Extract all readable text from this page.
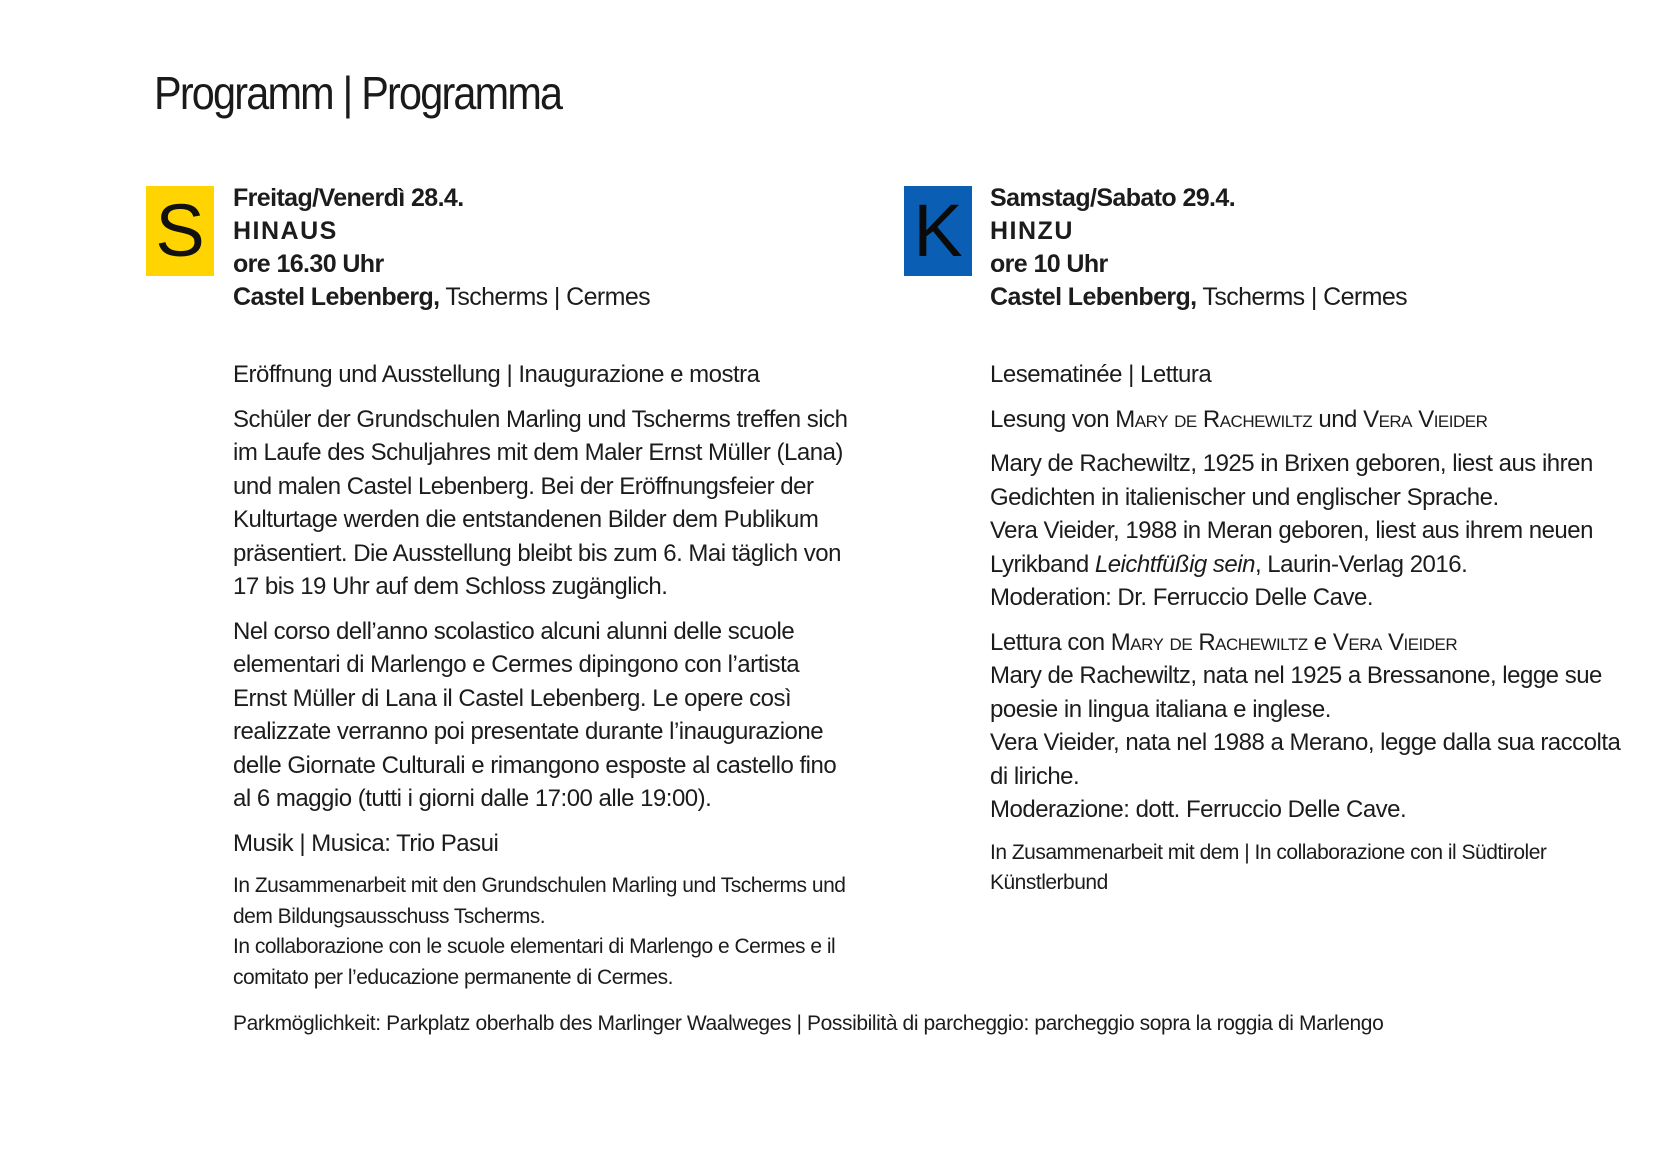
Programm | Programma
S	Freitag/Venerdì 28.4.
HINAUS
ore 16.30 Uhr
Castel Lebenberg, Tscherms | Cermes

Eröffnung und Ausstellung | Inaugurazione e mostra

Schüler der Grundschulen Marling und Tscherms treffen sich im Laufe des Schuljahres mit dem Maler Ernst Müller (Lana) und malen Castel Lebenberg. Bei der Eröffnungsfeier der Kulturtage werden die entstandenen Bilder dem Publikum präsentiert. Die Ausstellung bleibt bis zum 6. Mai täglich von 17 bis 19 Uhr auf dem Schloss zugänglich.

Nel corso dell’anno scolastico alcuni alunni delle scuole elementari di Marlengo e Cermes dipingono con l’artista Ernst Müller di Lana il Castel Lebenberg. Le opere così realizzate verranno poi presentate durante l’inaugurazione delle Giornate Culturali e rimangono esposte al castello fino al 6 maggio (tutti i giorni dalle 17:00 alle 19:00).

Musik | Musica: Trio Pasui

In Zusammenarbeit mit den Grundschulen Marling und Tscherms und dem Bildungsausschuss Tscherms.
In collaborazione con le scuole elementari di Marlengo e Cermes e il comitato per l’educazione permanente di Cermes.
K	Samstag/Sabato 29.4.
HINZU
ore 10 Uhr
Castel Lebenberg, Tscherms | Cermes

Lesematinée | Lettura

Lesung von Mary de Rachewiltz und Vera Vieider

Mary de Rachewiltz, 1925 in Brixen geboren, liest aus ihren Gedichten in italienischer und englischer Sprache.
Vera Vieider, 1988 in Meran geboren, liest aus ihrem neuen Lyrikband Leichtfüßig sein, Laurin-Verlag 2016.
Moderation: Dr. Ferruccio Delle Cave.

Lettura con Mary de Rachewiltz e Vera Vieider
Mary de Rachewiltz, nata nel 1925 a Bressanone, legge sue poesie in lingua italiana e inglese.
Vera Vieider, nata nel 1988 a Merano, legge dalla sua raccolta di liriche.
Moderazione: dott. Ferruccio Delle Cave.

In Zusammenarbeit mit dem | In collaborazione con il Südtiroler Künstlerbund
Parkmöglichkeit: Parkplatz oberhalb des Marlinger Waalweges | Possibilità di parcheggio: parcheggio sopra la roggia di Marlengo
